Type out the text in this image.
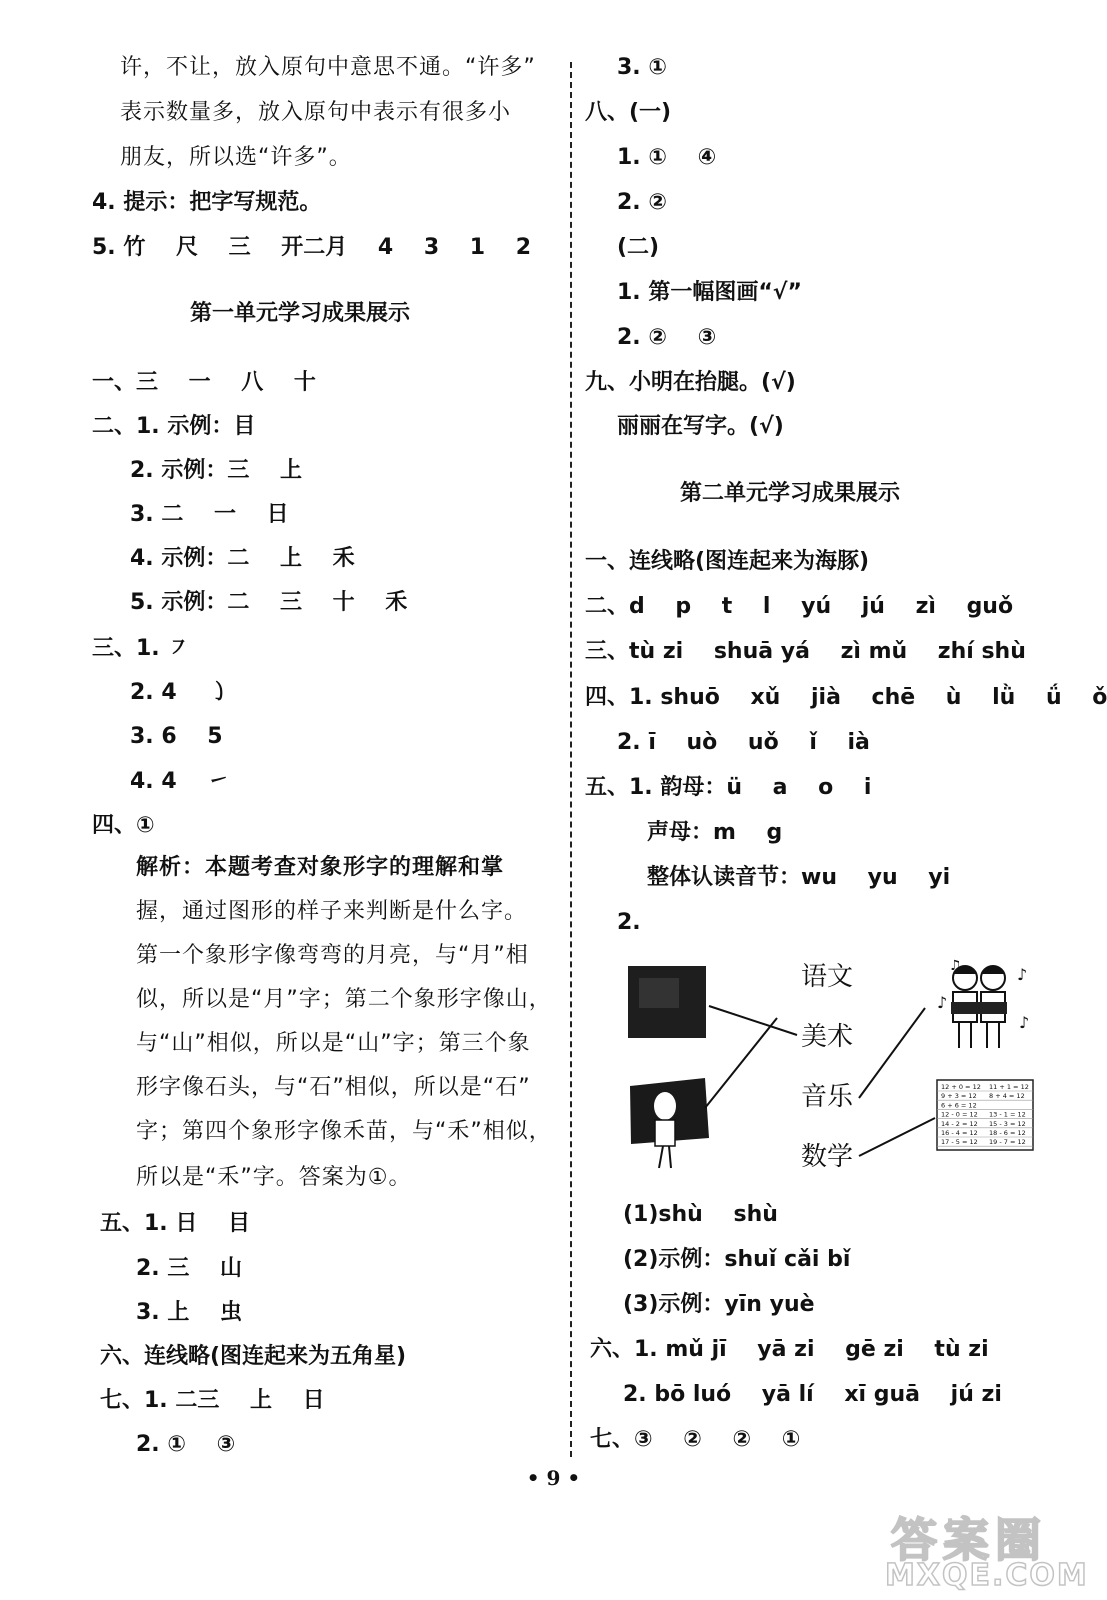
许，不让，放入原句中意思不通。“许多”
表示数量多，放入原句中表示有很多小
朋友，所以选“许多”。
4. 提示：把字写规范。
5. 竹    尺    三    开二月    4    3    1    2
第一单元学习成果展示
一、三    一    八    十
二、1. 示例：目
2. 示例：三    上
3. 二    一    日
4. 示例：二    上    禾
5. 示例：二    三    十    禾
三、1. ㇇
2. 4    ㇁
3. 6    5
4. 4    ㇀
四、①
解析：本题考查对象形字的理解和掌
握，通过图形的样子来判断是什么字。
第一个象形字像弯弯的月亮，与“月”相
似，所以是“月”字；第二个象形字像山，
与“山”相似，所以是“山”字；第三个象
形字像石头，与“石”相似，所以是“石”
字；第四个象形字像禾苗，与“禾”相似，
所以是“禾”字。答案为①。
五、1. 日    目
2. 三    山
3. 上    虫
六、连线略(图连起来为五角星)
七、1. 二三    上    日
2. ①    ③
3. ①
八、(一)
1. ①    ④
2. ②
(二)
1. 第一幅图画“√”
2. ②    ③
九、小明在抬腿。(√)
丽丽在写字。(√)
第二单元学习成果展示
一、连线略(图连起来为海豚)
二、d    p    t    l    yú    jú    zì    guǒ
三、tù zi    shuā yá    zì mǔ    zhí shù
四、1. shuō    xǔ    jià    chē    ù    lǜ    ǘ    ǒ
2. ī    uò    uǒ    ǐ    ià
五、1. 韵母：ü    a    o    i
声母：m    g
整体认读音节：wu    yu    yi
2.
(1)shù    shù
(2)示例：shuǐ cǎi bǐ
(3)示例：yīn yuè
六、1. mǔ jī    yā zi    gē zi    tù zi
2. bō luó    yā lí    xī guā    jú zi
七、③    ②    ②    ①
♪
♪
♪
♫
12 + 0 = 12 11 + 1 = 12
9 + 3 = 12 8 + 4 = 12
6 + 6 = 12
12 - 0 = 12 13 - 1 = 12
14 - 2 = 12 15 - 3 = 12
16 - 4 = 12 18 - 6 = 12
17 - 5 = 12 19 - 7 = 12
语文
美术
音乐
数学
• 9 •
答案圈
MXQE.COM
